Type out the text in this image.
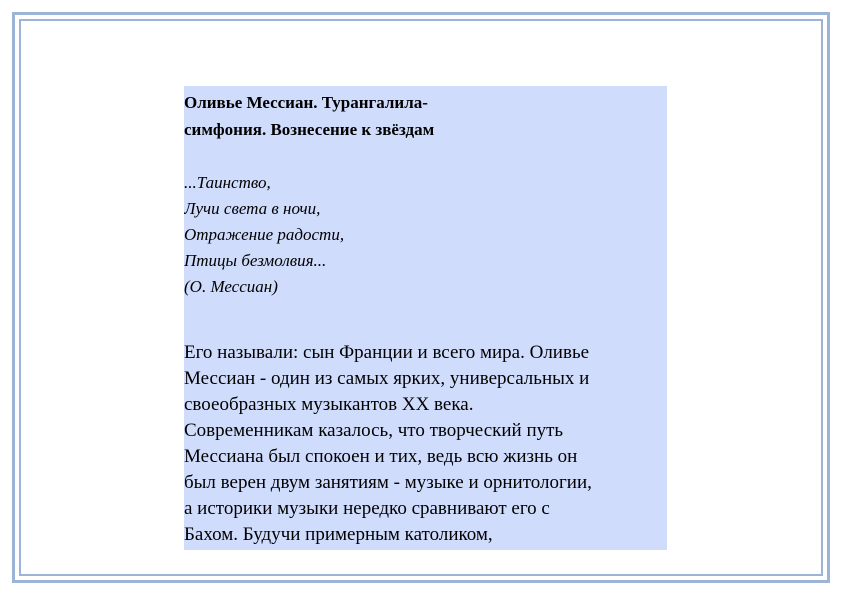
Оливье Мессиан. Турангалила-
симфония. Вознесение к звёздам
...Таинство,
Лучи света в ночи,
Отражение радости,
Птицы безмолвия...
(О. Мессиан)
Его называли: сын Франции и всего мира. Оливье
Мессиан - один из самых ярких, универсальных и
своеобразных музыкантов XX века.
Современникам казалось, что творческий путь
Мессиана был спокоен и тих, ведь всю жизнь он
был верен двум занятиям - музыке и орнитологии,
а историки музыки нередко сравнивают его с
Бахом. Будучи примерным католиком,
